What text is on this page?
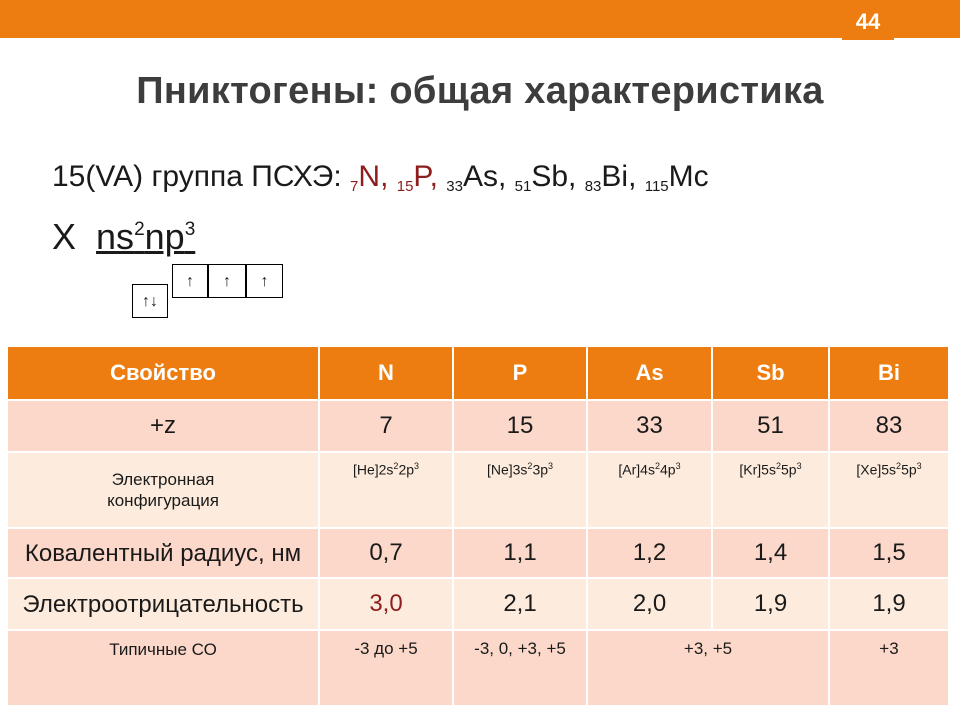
44
Пниктогены: общая характеристика
15(VA) группа ПСХЭ: $_7$N, $_{15}$P, $_{33}$As, $_{51}$Sb, $_{83}$Bi, $_{115}$Mc
X $ns^2np^3$
↑↓
↑	↑	↑
Свойство	N	P	As	Sb	Bi
+z	7	15	33	51	83
Электронная
конфигурация	$[He]2s^22p^3$	$[Ne]3s^23p^3$	$[Ar]4s^24p^3$	$[Kr]5s^25p^3$	$[Xe]5s^25p^3$
Ковалентный радиус, нм	0,7	1,1	1,2	1,4	1,5
Электроотрицательность	3,0	2,1	2,0	1,9	1,9
Типичные СО	-3 до +5	-3, 0, +3, +5	+3, +5		+3
